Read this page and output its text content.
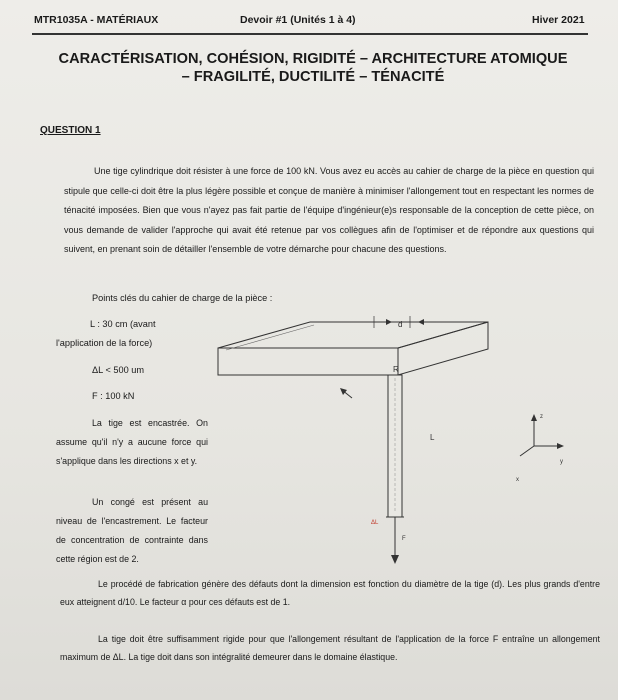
MTR1035A - MATÉRIAUX	Devoir #1 (Unités 1 à 4)	Hiver 2021
CARACTÉRISATION, COHÉSION, RIGIDITÉ – ARCHITECTURE ATOMIQUE
– FRAGILITÉ, DUCTILITÉ – TÉNACITÉ
QUESTION 1
Une tige cylindrique doit résister à une force de 100 kN. Vous avez eu accès au cahier de charge de la pièce en question qui stipule que celle-ci doit être la plus légère possible et conçue de manière à minimiser l'allongement tout en respectant les normes de ténacité imposées. Bien que vous n'ayez pas fait partie de l'équipe d'ingénieur(e)s responsable de la conception de cette pièce, on vous demande de valider l'approche qui avait été retenue par vos collègues afin de l'optimiser et de répondre aux questions qui suivent, en prenant soin de détailler l'ensemble de votre démarche pour chacune des questions.
Points clés du cahier de charge de la pièce :
L : 30 cm (avant
l'application de la force)
ΔL < 500 um
F : 100 kN
La tige est encastrée. On assume qu'il n'y a aucune force qui s'applique dans les directions x et y.
Un congé est présent au niveau de l'encastrement. Le facteur de concentration de contrainte dans cette région est de 2.
Le procédé de fabrication génère des défauts dont la dimension est fonction du diamètre de la tige (d). Les plus grands d'entre eux atteignent d/10. Le facteur α pour ces défauts est de 1.
La tige doit être suffisamment rigide pour que l'allongement résultant de l'application de la force F entraîne un allongement maximum de ΔL. La tige doit dans son intégralité demeurer dans le domaine élastique.
d
R
L
ΔL
F
z
y
x
